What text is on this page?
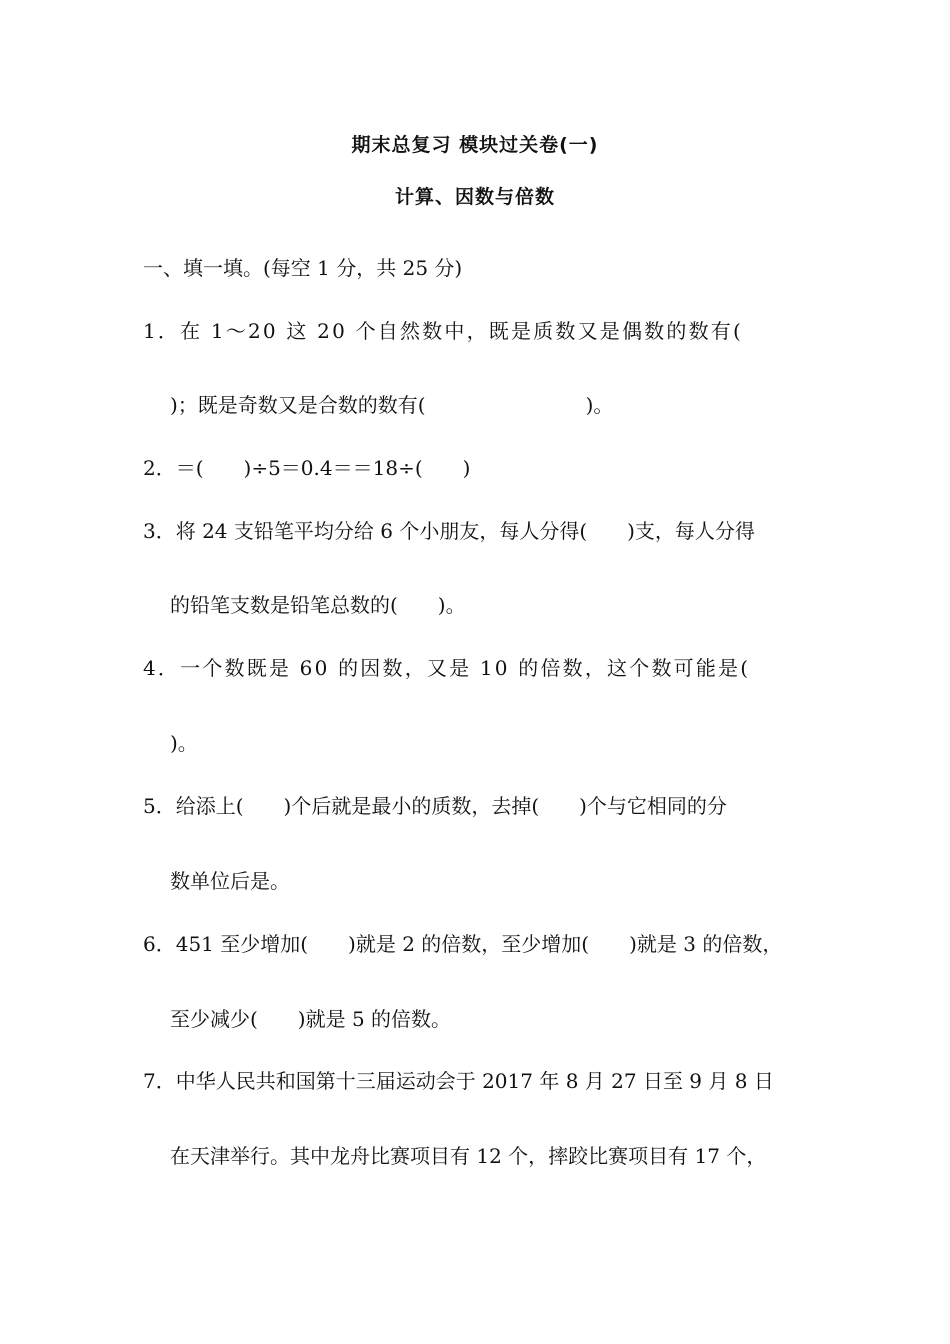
期末总复习 模块过关卷(一)
计算、因数与倍数
一、填一填。(每空 1 分，共 25 分)
1．在 1～20 这 20 个自然数中，既是质数又是偶数的数有(
)；既是奇数又是合数的数有(　　　　　　　　)。
2．＝(　　)÷5＝0.4＝＝18÷(　　)
3．将 24 支铅笔平均分给 6 个小朋友，每人分得(　　)支，每人分得
的铅笔支数是铅笔总数的(　　)。
4．一个数既是 60 的因数，又是 10 的倍数，这个数可能是(
)。
5．给添上(　　)个后就是最小的质数，去掉(　　)个与它相同的分
数单位后是。
6．451 至少增加(　　)就是 2 的倍数，至少增加(　　)就是 3 的倍数，
至少减少(　　)就是 5 的倍数。
7．中华人民共和国第十三届运动会于 2017 年 8 月 27 日至 9 月 8 日
在天津举行。其中龙舟比赛项目有 12 个，摔跤比赛项目有 17 个，
